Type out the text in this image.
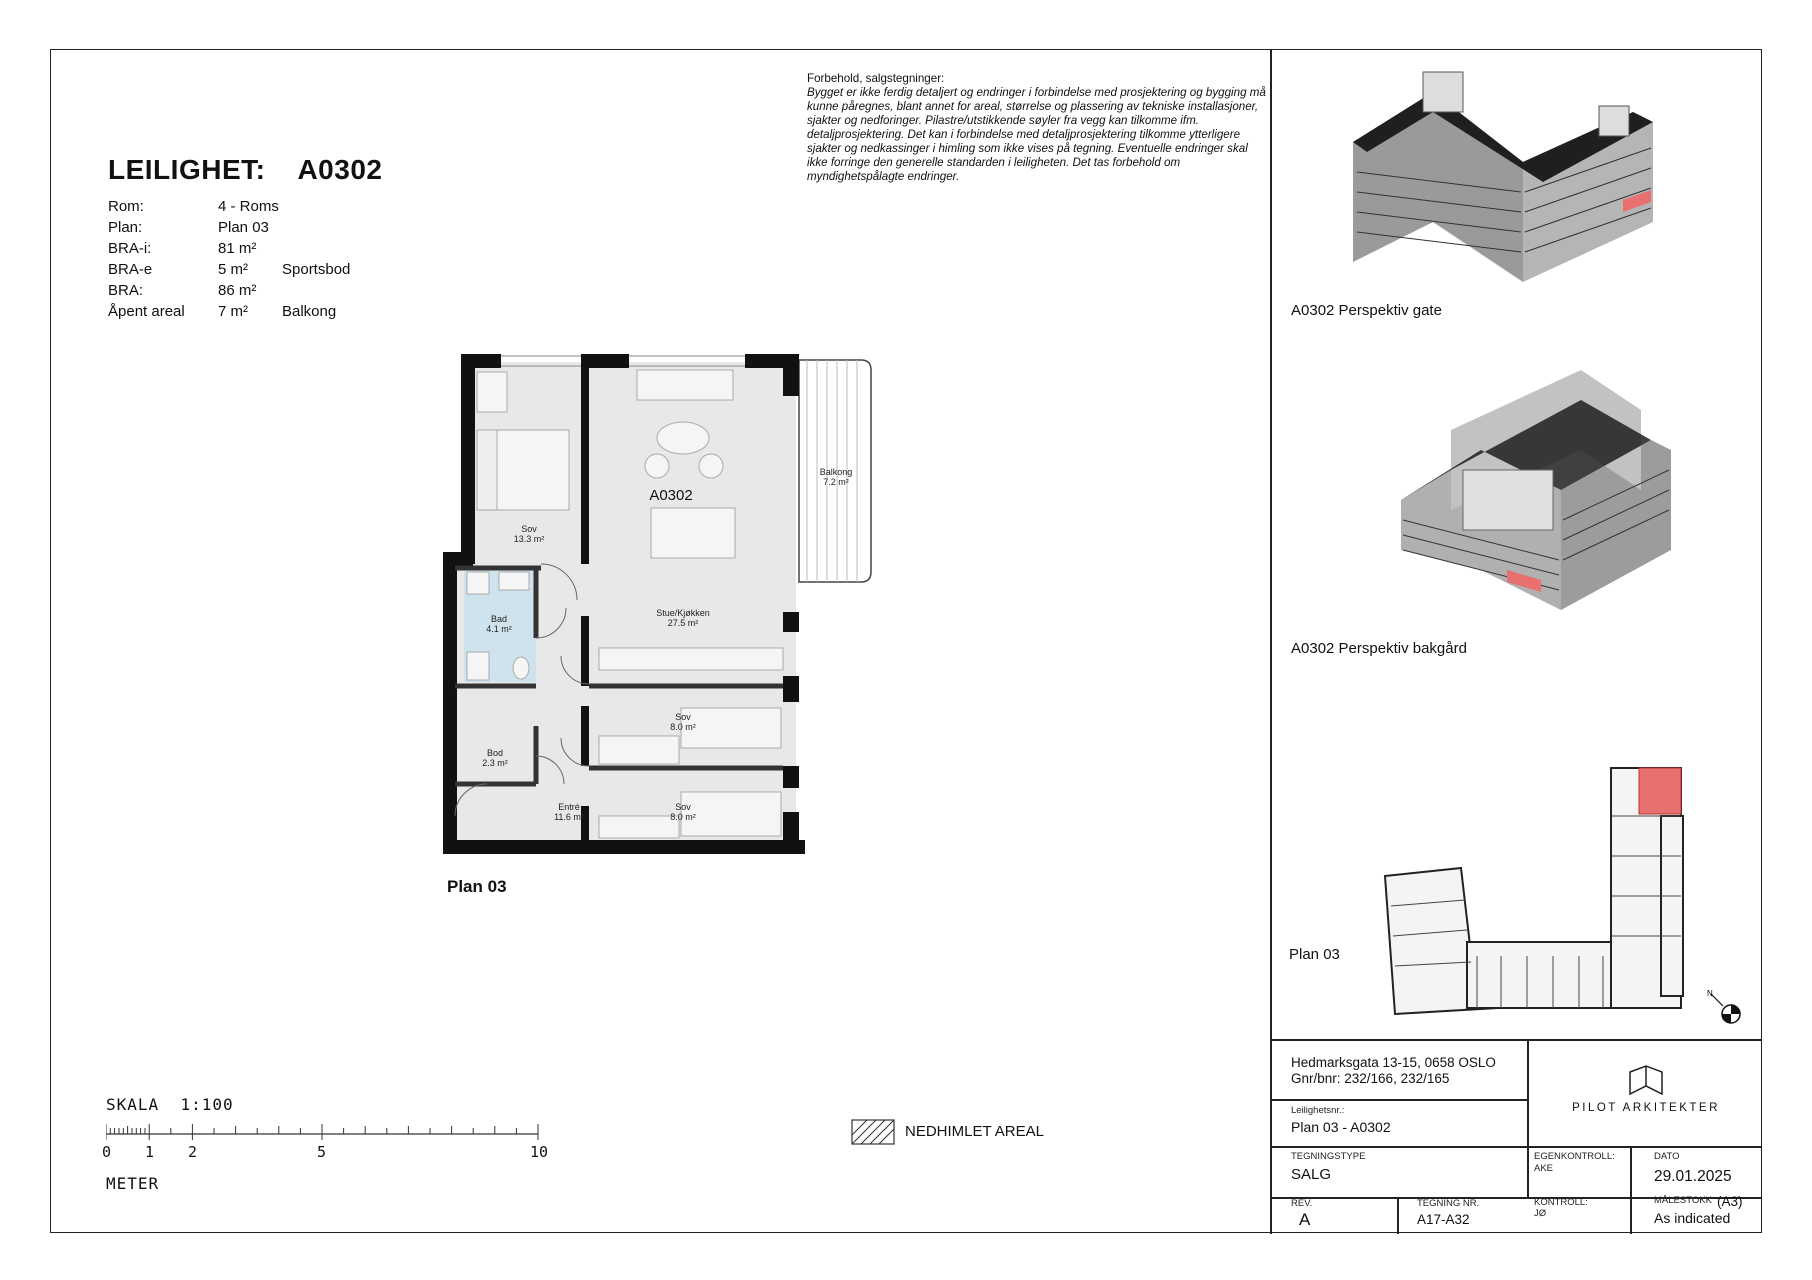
LEILIGHET: A0302
Rom:	4 - Roms	
Plan:	Plan 03	
BRA-i:	81 m²	
BRA-e	5 m²	Sportsbod
BRA:	86 m²	
Åpent areal	7 m²	Balkong
Forbehold, salgstegninger:
Bygget er ikke ferdig detaljert og endringer i forbindelse med prosjektering og bygging må kunne påregnes, blant annet for areal, størrelse og plassering av tekniske installasjoner, sjakter og nedforinger. Pilastre/utstikkende søyler fra vegg kan tilkomme ifm. detaljprosjektering. Det kan i forbindelse med detaljprosjektering tilkomme ytterligere sjakter og nedkassinger i himling som ikke vises på tegning. Eventuelle endringer skal ikke forringe den generelle standarden i leiligheten. Det tas forbehold om myndighetspålagte endringer.
Sov
13.3 m²
Stue/Kjøkken
27.5 m²
Balkong
7.2 m²
Bad
4.1 m²
Sov
8.0 m²
Bod
2.3 m²
Entré
11.6 m²
Sov
8.0 m²
A0302
Plan 03
SKALA 1:100
0 1 2	5	10
METER
NEDHIMLET AREAL
A0302 Perspektiv gate
A0302 Perspektiv bakgård
Plan 03
N
Hedmarksgata 13-15, 0658 OSLO
Gnr/bnr: 232/166, 232/165
Leilighetsnr.:
Plan 03 - A0302
PILOT ARKITEKTER
TEGNINGSTYPE
SALG
EGENKONTROLL:
AKE
DATO
29.01.2025
REV.
A
TEGNING NR.
A17-A32
KONTROLL:
JØ
MÅLESTOKK (A3)
As indicated
